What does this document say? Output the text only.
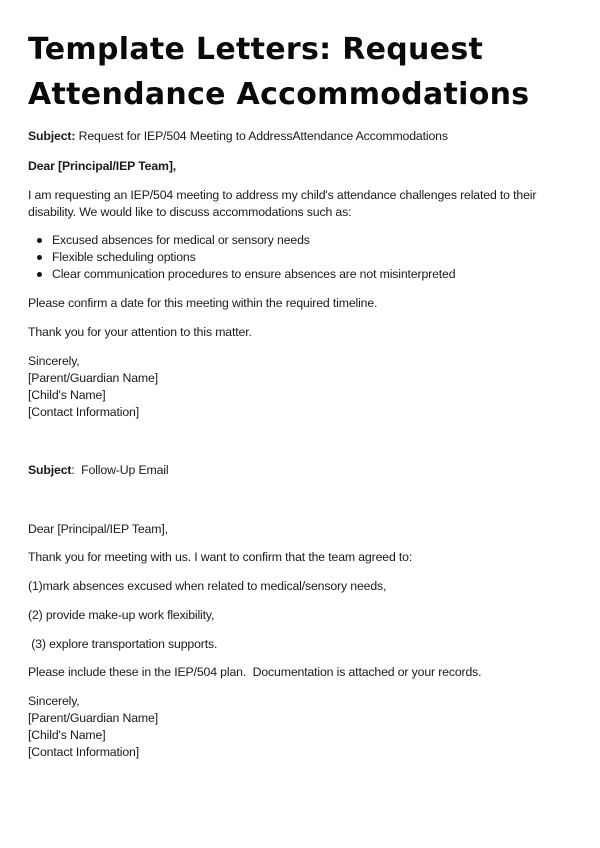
Template Letters: Request
Attendance Accommodations
Subject: Request for IEP/504 Meeting to AddressAttendance Accommodations
Dear [Principal/IEP Team],
I am requesting an IEP/504 meeting to address my child's attendance challenges related to their disability. We would like to discuss accommodations such as:
Excused absences for medical or sensory needs
Flexible scheduling options
Clear communication procedures to ensure absences are not misinterpreted
Please confirm a date for this meeting within the required timeline.
Thank you for your attention to this matter.
Sincerely,
[Parent/Guardian Name]
[Child's Name]
[Contact Information]
Subject:  Follow-Up Email
Dear [Principal/IEP Team],
Thank you for meeting with us. I want to confirm that the team agreed to:
(1)mark absences excused when related to medical/sensory needs,
(2) provide make-up work flexibility,
(3) explore transportation supports.
Please include these in the IEP/504 plan.  Documentation is attached or your records.
Sincerely,
[Parent/Guardian Name]
[Child's Name]
[Contact Information]
